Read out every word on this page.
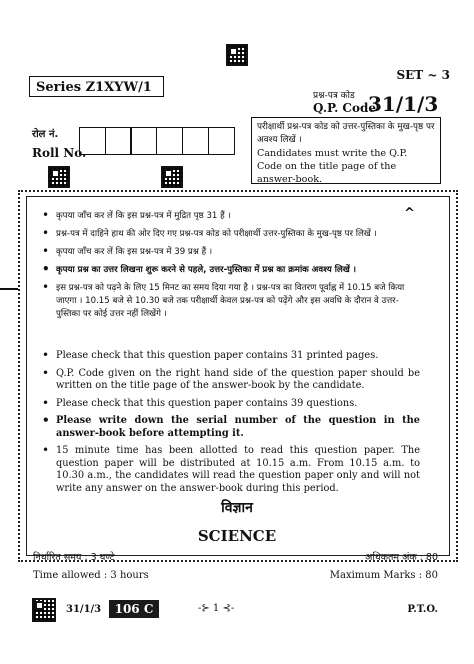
Series Z1XYW/1
SET ~ 3
प्रश्न-पत्र कोड
Q.P. Code
31/1/3
रोल नं.
Roll No.
परीक्षार्थी प्रश्न-पत्र कोड को उत्तर-पुस्तिका के मुख-पृष्ठ पर अवश्य लिखें ।
Candidates must write the Q.P. Code on the title page of the answer-book.
^
• कृपया जाँच कर लें कि इस प्रश्न-पत्र में मुद्रित पृष्ठ 31 हैं ।
• प्रश्न-पत्र में दाहिने हाथ की ओर दिए गए प्रश्न-पत्र कोड को परीक्षार्थी उत्तर-पुस्तिका के मुख-पृष्ठ पर लिखें ।
• कृपया जाँच कर लें कि इस प्रश्न-पत्र में 39 प्रश्न हैं ।
• कृपया प्रश्न का उत्तर लिखना शुरू करने से पहले, उत्तर-पुस्तिका में प्रश्न का क्रमांक अवश्य लिखें ।
• इस प्रश्न-पत्र को पढ़ने के लिए 15 मिनट का समय दिया गया है । प्रश्न-पत्र का वितरण पूर्वाह्न में 10.15 बजे किया जाएगा । 10.15 बजे से 10.30 बजे तक परीक्षार्थी केवल प्रश्न-पत्र को पढ़ेंगे और इस अवधि के दौरान वे उत्तर-पुस्तिका पर कोई उत्तर नहीं लिखेंगे ।
• Please check that this question paper contains 31 printed pages.
• Q.P. Code given on the right hand side of the question paper should be written on the title page of the answer-book by the candidate.
• Please check that this question paper contains 39 questions.
• Please write down the serial number of the question in the answer-book before attempting it.
• 15 minute time has been allotted to read this question paper. The question paper will be distributed at 10.15 a.m. From 10.15 a.m. to 10.30 a.m., the candidates will read the question paper only and will not write any answer on the answer-book during this period.
विज्ञान
SCIENCE
निर्धारित समय : 3 घण्टे
Time allowed : 3 hours
अधिकतम अंक : 80
Maximum Marks : 80
31/1/3	106 C	-⊱ 1 ⊰-	P.T.O.
